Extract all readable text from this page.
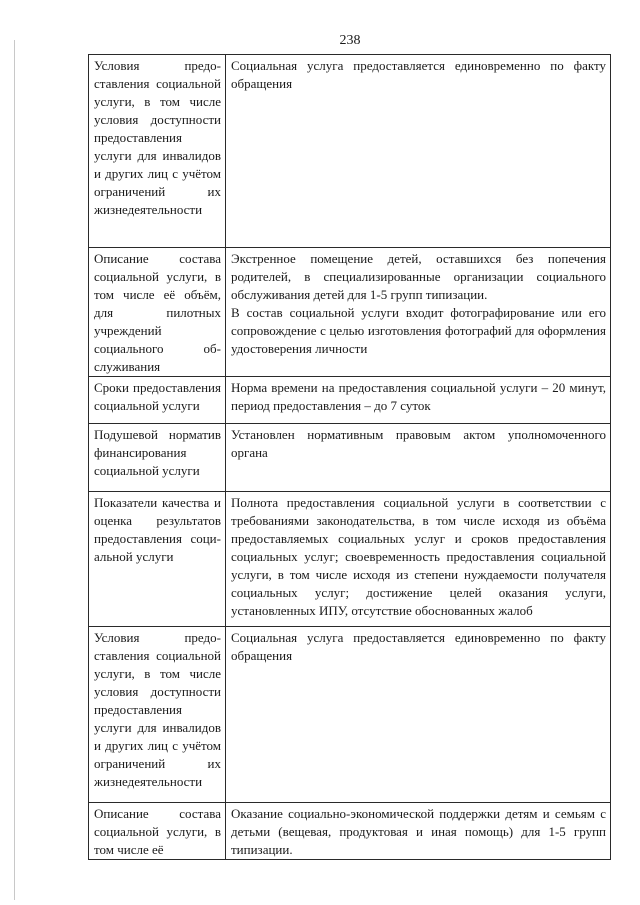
238
Условия предоставления социальной услуги, в том числе условия доступности предоставления услуги для инвалидов и других лиц с учётом ограничений их жизнедеятельности	Социальная услуга предоставляется единовременно по факту обращения

Описание состава социальной услуги, в том числе её объём, для пилотных учреждений социального обслуживания	Экстренное помещение детей, оставшихся без попечения родителей, в специализированные организации социального обслуживания детей для 1-5 групп типизации.
В состав социальной услуги входит фотографирование или его сопровождение с целью изготовления фотографий для оформления удостоверения личности

Сроки предоставления социальной услуги	Норма времени на предоставления социальной услуги – 20 минут, период предоставления – до 7 суток

Подушевой норматив финансирования социальной услуги	Установлен нормативным правовым актом уполномоченного органа

Показатели качества и оценка результатов предоставления социальной услуги	Полнота предоставления социальной услуги в соответствии с требованиями законодательства, в том числе исходя из объёма предоставляемых социальных услуг и сроков предоставления социальных услуг; своевременность предоставления социальной услуги, в том числе исходя из степени нуждаемости получателя социальных услуг; достижение целей оказания услуги, установленных ИПУ, отсутствие обоснованных жалоб

Условия предоставления социальной услуги, в том числе условия доступности предоставления услуги для инвалидов и других лиц с учётом ограничений их жизнедеятельности	Социальная услуга предоставляется единовременно по факту обращения

Описание состава социальной услуги, в том числе её	Оказание социально-экономической поддержки детям и семьям с детьми (вещевая, продуктовая и иная помощь) для 1-5 групп типизации.
